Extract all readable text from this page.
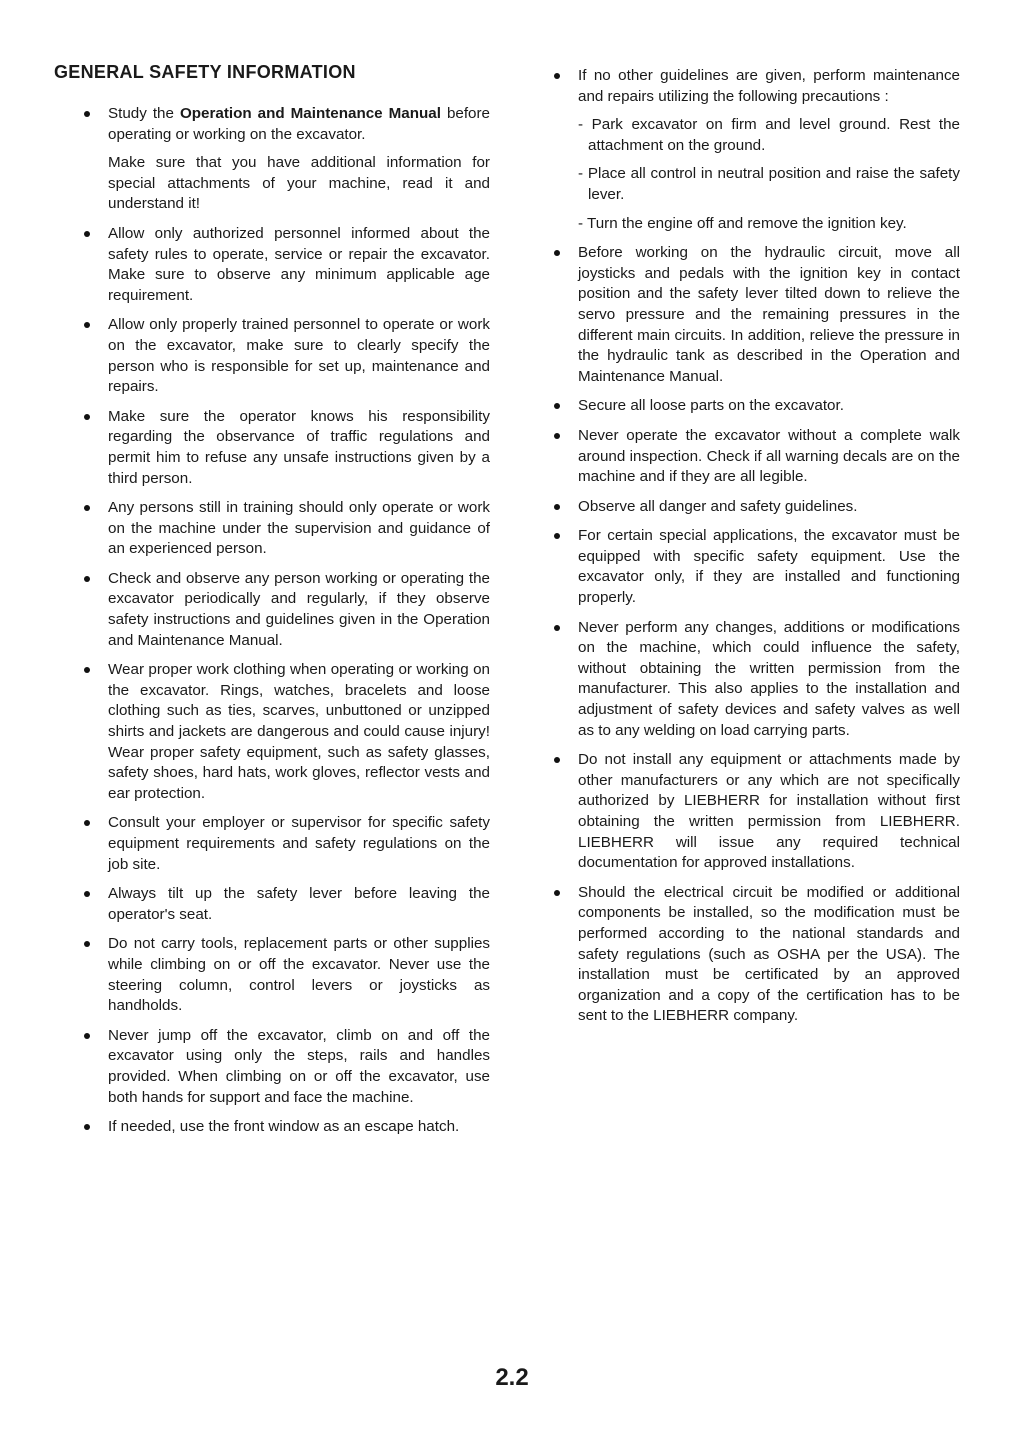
GENERAL SAFETY INFORMATION

Study the Operation and Maintenance Manual before operating or working on the excavator.

Make sure that you have additional information for special attachments of your machine, read it and understand it!

Allow only authorized personnel informed about the safety rules to operate, service or repair the excavator. Make sure to observe any minimum applicable age requirement.

Allow only properly trained personnel to operate or work on the excavator, make sure to clearly specify the person who is responsible for set up, maintenance and repairs.

Make sure the operator knows his responsibility regarding the observance of traffic regulations and permit him to refuse any unsafe instructions given by a third person.

Any persons still in training should only operate or work on the machine under the supervision and guidance of an experienced person.

Check and observe any person working or operating the excavator periodically and regularly, if they observe safety instructions and guidelines given in the Operation and Maintenance Manual.

Wear proper work clothing when operating or working on the excavator. Rings, watches, bracelets and loose clothing such as ties, scarves, unbuttoned or unzipped shirts and jackets are dangerous and could cause injury! Wear proper safety equipment, such as safety glasses, safety shoes, hard hats, work gloves, reflector vests and ear protection.

Consult your employer or supervisor for specific safety equipment requirements and safety regulations on the job site.

Always tilt up the safety lever before leaving the operator's seat.

Do not carry tools, replacement parts or other supplies while climbing on or off the excavator. Never use the steering column, control levers or joysticks as handholds.

Never jump off the excavator, climb on and off the excavator using only the steps, rails and handles provided. When climbing on or off the excavator, use both hands for support and face the machine.

If needed, use the front window as an escape hatch.

If no other guidelines are given, perform maintenance and repairs utilizing the following precautions :

- Park excavator on firm and level ground. Rest the attachment on the ground.

- Place all control in neutral position and raise the safety lever.

- Turn the engine off and remove the ignition key.

Before working on the hydraulic circuit, move all joysticks and pedals with the ignition key in contact position and the safety lever tilted down to relieve the servo pressure and the remaining pressures in the different main circuits. In addition, relieve the pressure in the hydraulic tank as described in the Operation and Maintenance Manual.

Secure all loose parts on the excavator.

Never operate the excavator without a complete walk around inspection. Check if all warning decals are on the machine and if they are all legible.

Observe all danger and safety guidelines.

For certain special applications, the excavator must be equipped with specific safety equipment. Use the excavator only, if they are installed and functioning properly.

Never perform any changes, additions or modifications on the machine, which could influence the safety, without obtaining the written permission from the manufacturer. This also applies to the installation and adjustment of safety devices and safety valves as well as to any welding on load carrying parts.

Do not install any equipment or attachments made by other manufacturers or any which are not specifically authorized by LIEBHERR for installation without first obtaining the written permission from LIEBHERR. LIEBHERR will issue any required technical documentation for approved installations.

Should the electrical circuit be modified or additional components be installed, so the modification must be performed according to the national standards and safety regulations (such as OSHA per the USA). The installation must be certificated by an approved organization and a copy of the certification has to be sent to the LIEBHERR company.

2.2
